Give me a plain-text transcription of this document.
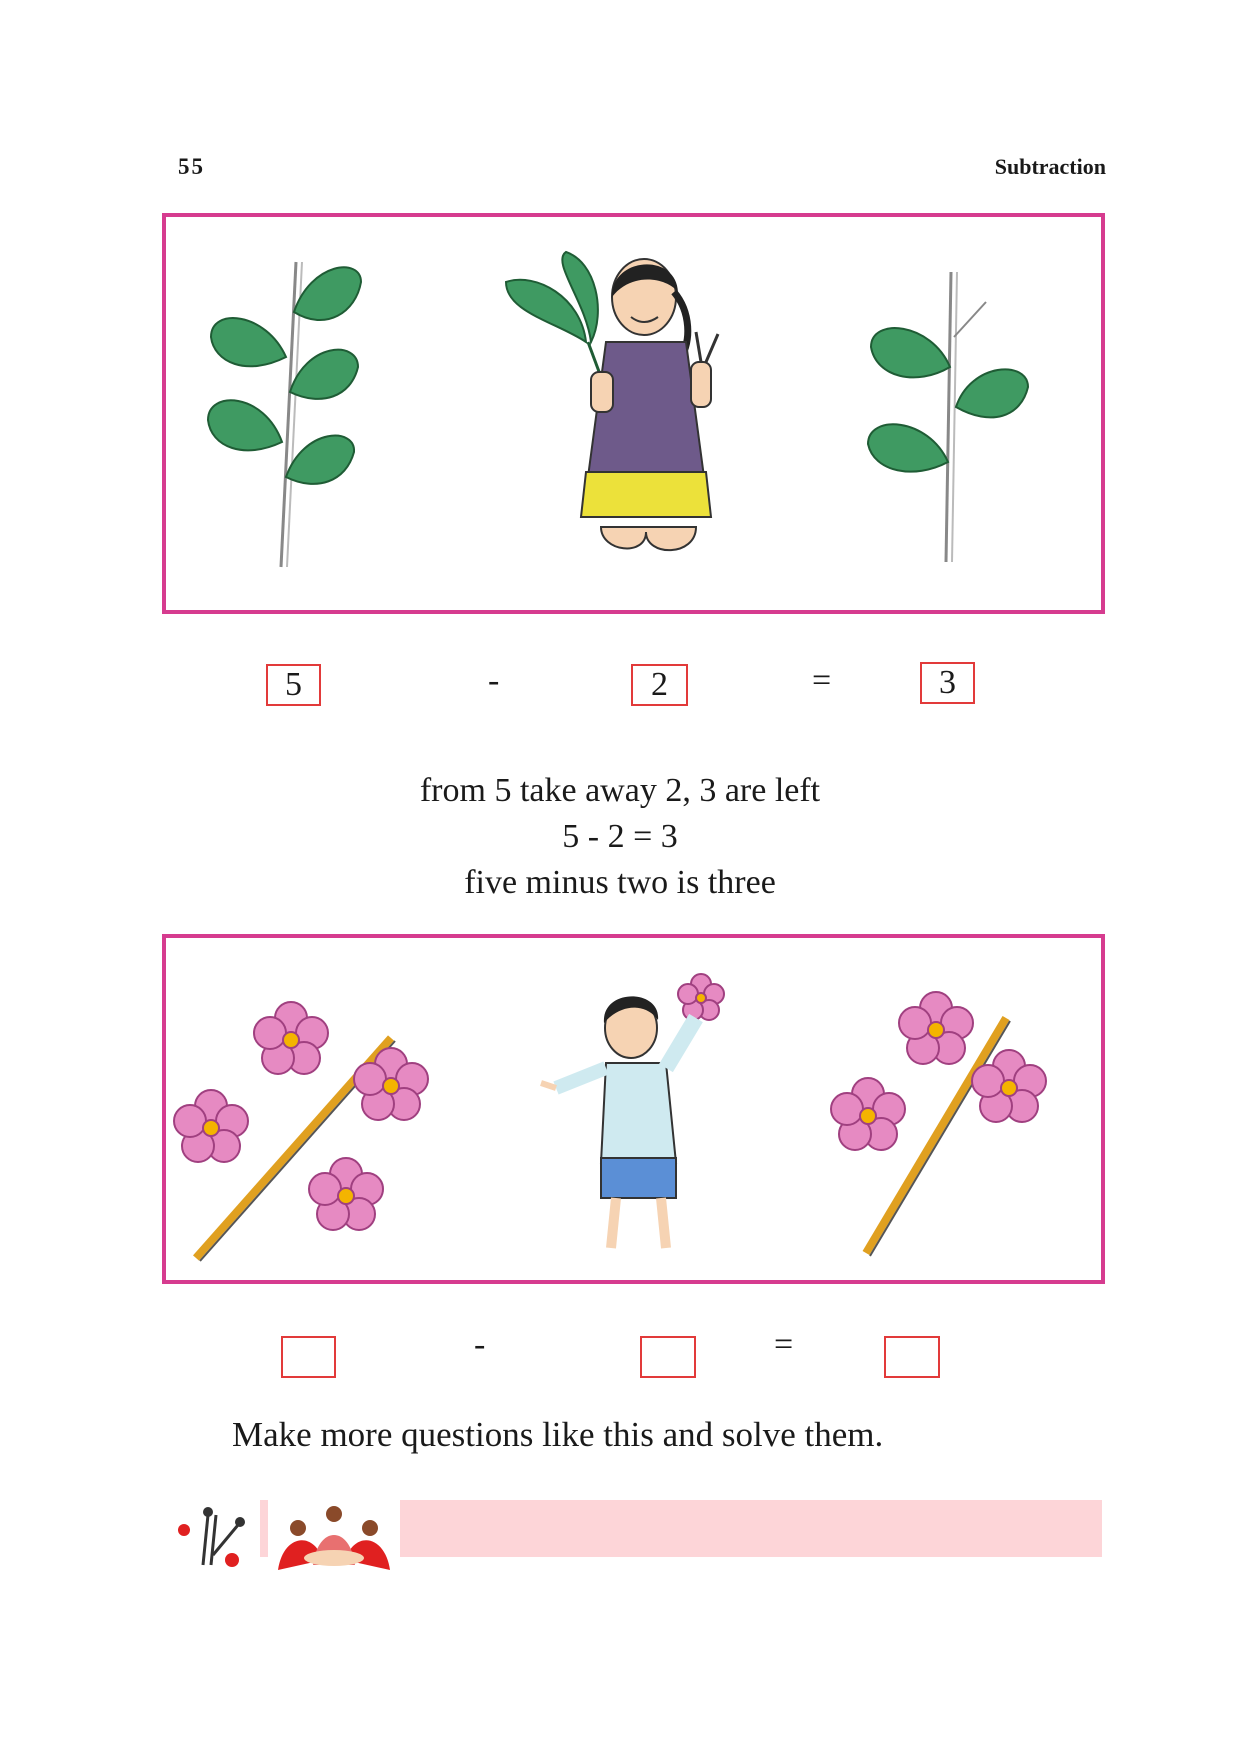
55	Subtraction
5	-	2	=	3
from 5 take away 2, 3 are left
5 - 2 = 3
five minus two is three
-	=
Make more questions like this and solve them.
